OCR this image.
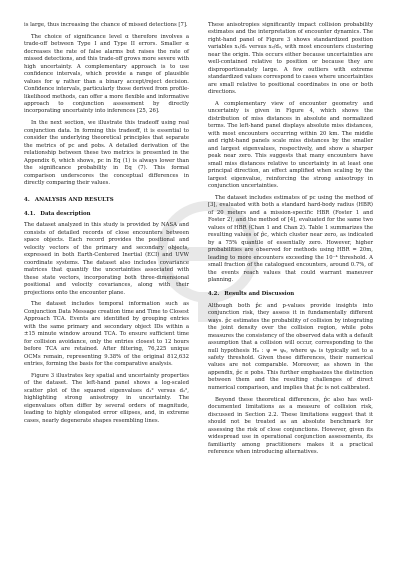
is large, thus increasing the chance of missed detections [7].

The choice of significance level α therefore involves a trade-off between Type I and Type II errors. Smaller α decreases the rate of false alarms but raises the rate of missed detections, and this trade-off grows more severe with high uncertainty. A complementary approach is to use confidence intervals, which provide a range of plausible values for ψ rather than a binary accept/reject decision. Confidence intervals, particularly those derived from profile-likelihood methods, can offer a more flexible and informative approach to conjunction assessment by directly incorporating uncertainty into inferences [25, 26].

In the next section, we illustrate this tradeoff using real conjunction data. In forming this tradeoff, it is essential to consider the underlying theoretical principles that separate the metrics of pc and pobs. A detailed derivation of the relationship between these two metrics is presented in the Appendix 6, which shows, pc in Eq (1) is always lower than the significance probability in Eq (7). This formal comparison underscores the conceptual differences in directly comparing their values.

4. ANALYSIS AND RESULTS
4.1. Data description

The dataset analyzed in this study is provided by NASA and consists of detailed records of close encounters between space objects. Each record provides the positional and velocity vectors of the primary and secondary objects, expressed in both Earth-Centered Inertial (ECI) and UVW coordinate systems. The dataset also includes covariance matrices that quantify the uncertainties associated with these state vectors, incorporating both three-dimensional positional and velocity covariances, along with their projections onto the encounter plane.

The dataset includes temporal information such as Conjunction Data Message creation time and Time to Closest Approach TCA. Events are identified by grouping entries with the same primary and secondary object IDs within a ±15 minute window around TCA. To ensure sufficient time for collision avoidance, only the entries closest to 12 hours before TCA are retained. After filtering, 76,225 unique OCMs remain, representing 9.38% of the original 812,632 entries, forming the basis for the comparative analysis.

Figure 3 illustrates key spatial and uncertainty properties of the dataset. The left-hand panel shows a log-scaled scatter plot of the squared eigenvalues d₁² versus d₂², highlighting strong anisotropy in uncertainty. The eigenvalues often differ by several orders of magnitude, leading to highly elongated error ellipses, and, in extreme cases, nearly degenerate shapes resembling lines.

These anisotropies significantly impact collision probability estimates and the interpretation of encounter dynamics. The right-hand panel of Figure 3 shows standardized position variables x₁/d₁ versus x₂/d₂, with most encounters clustering near the origin. This occurs either because uncertainties are well-contained relative to position or because they are disproportionately large. A few outliers with extreme standardized values correspond to cases where uncertainties are small relative to positional coordinates in one or both directions.

A complementary view of encounter geometry and uncertainty is given in Figure 4, which shows the distribution of miss distances in absolute and normalized terms. The left-hand panel displays absolute miss distances, with most encounters occurring within 20 km. The middle and right-hand panels scale miss distances by the smaller and largest eigenvalues, respectively, and show a sharper peak near zero. This suggests that many encounters have small miss distances relative to uncertainty in at least one principal direction, an effect amplified when scaling by the largest eigenvalue, reinforcing the strong anisotropy in conjunction uncertainties.

The dataset includes estimates of pc using the method of [3], evaluated with both a standard hard-body radius (HBR) of 20 meters and a mission-specific HBR (Foster 1 and Foster 2), and the method of [4], evaluated for the same two values of HBR (Chan 1 and Chan 2). Table 1 summarizes the resulting values of p̂c, which cluster near zero, as indicated by a 75% quantile of essentially zero. However, higher probabilities are observed for methods using HBR = 20m, leading to more encounters exceeding the 10⁻⁴ threshold. A small fraction of the catalogued encounters, around 0.7%, of the events reach values that could warrant maneuver planning.

4.2. Results and Discussion

Although both p̂c and p-values provide insights into conjunction risk, they assess it in fundamentally different ways. p̂c estimates the probability of collision by integrating the joint density over the collision region, while pobs measures the consistency of the observed data with a default assumption that a collision will occur, corresponding to the null hypothesis H₀ : ψ = ψ₀, where ψ₀ is typically set to a safety threshold. Given these differences, their numerical values are not comparable. Moreover, as shown in the appendix, p̂c ≤ pobs. This further emphasizes the distinction between them and the resulting challenges of direct numerical comparison, and implies that p̂c is not calibrated.

Beyond these theoretical differences, p̂c also has well-documented limitations as a measure of collision risk, discussed in Section 2.2. These limitations suggest that it should not be treated as an absolute benchmark for assessing the risk of close conjunctions. However, given its widespread use in operational conjunction assessments, its familiarity among practitioners makes it a practical reference when introducing alternatives.
